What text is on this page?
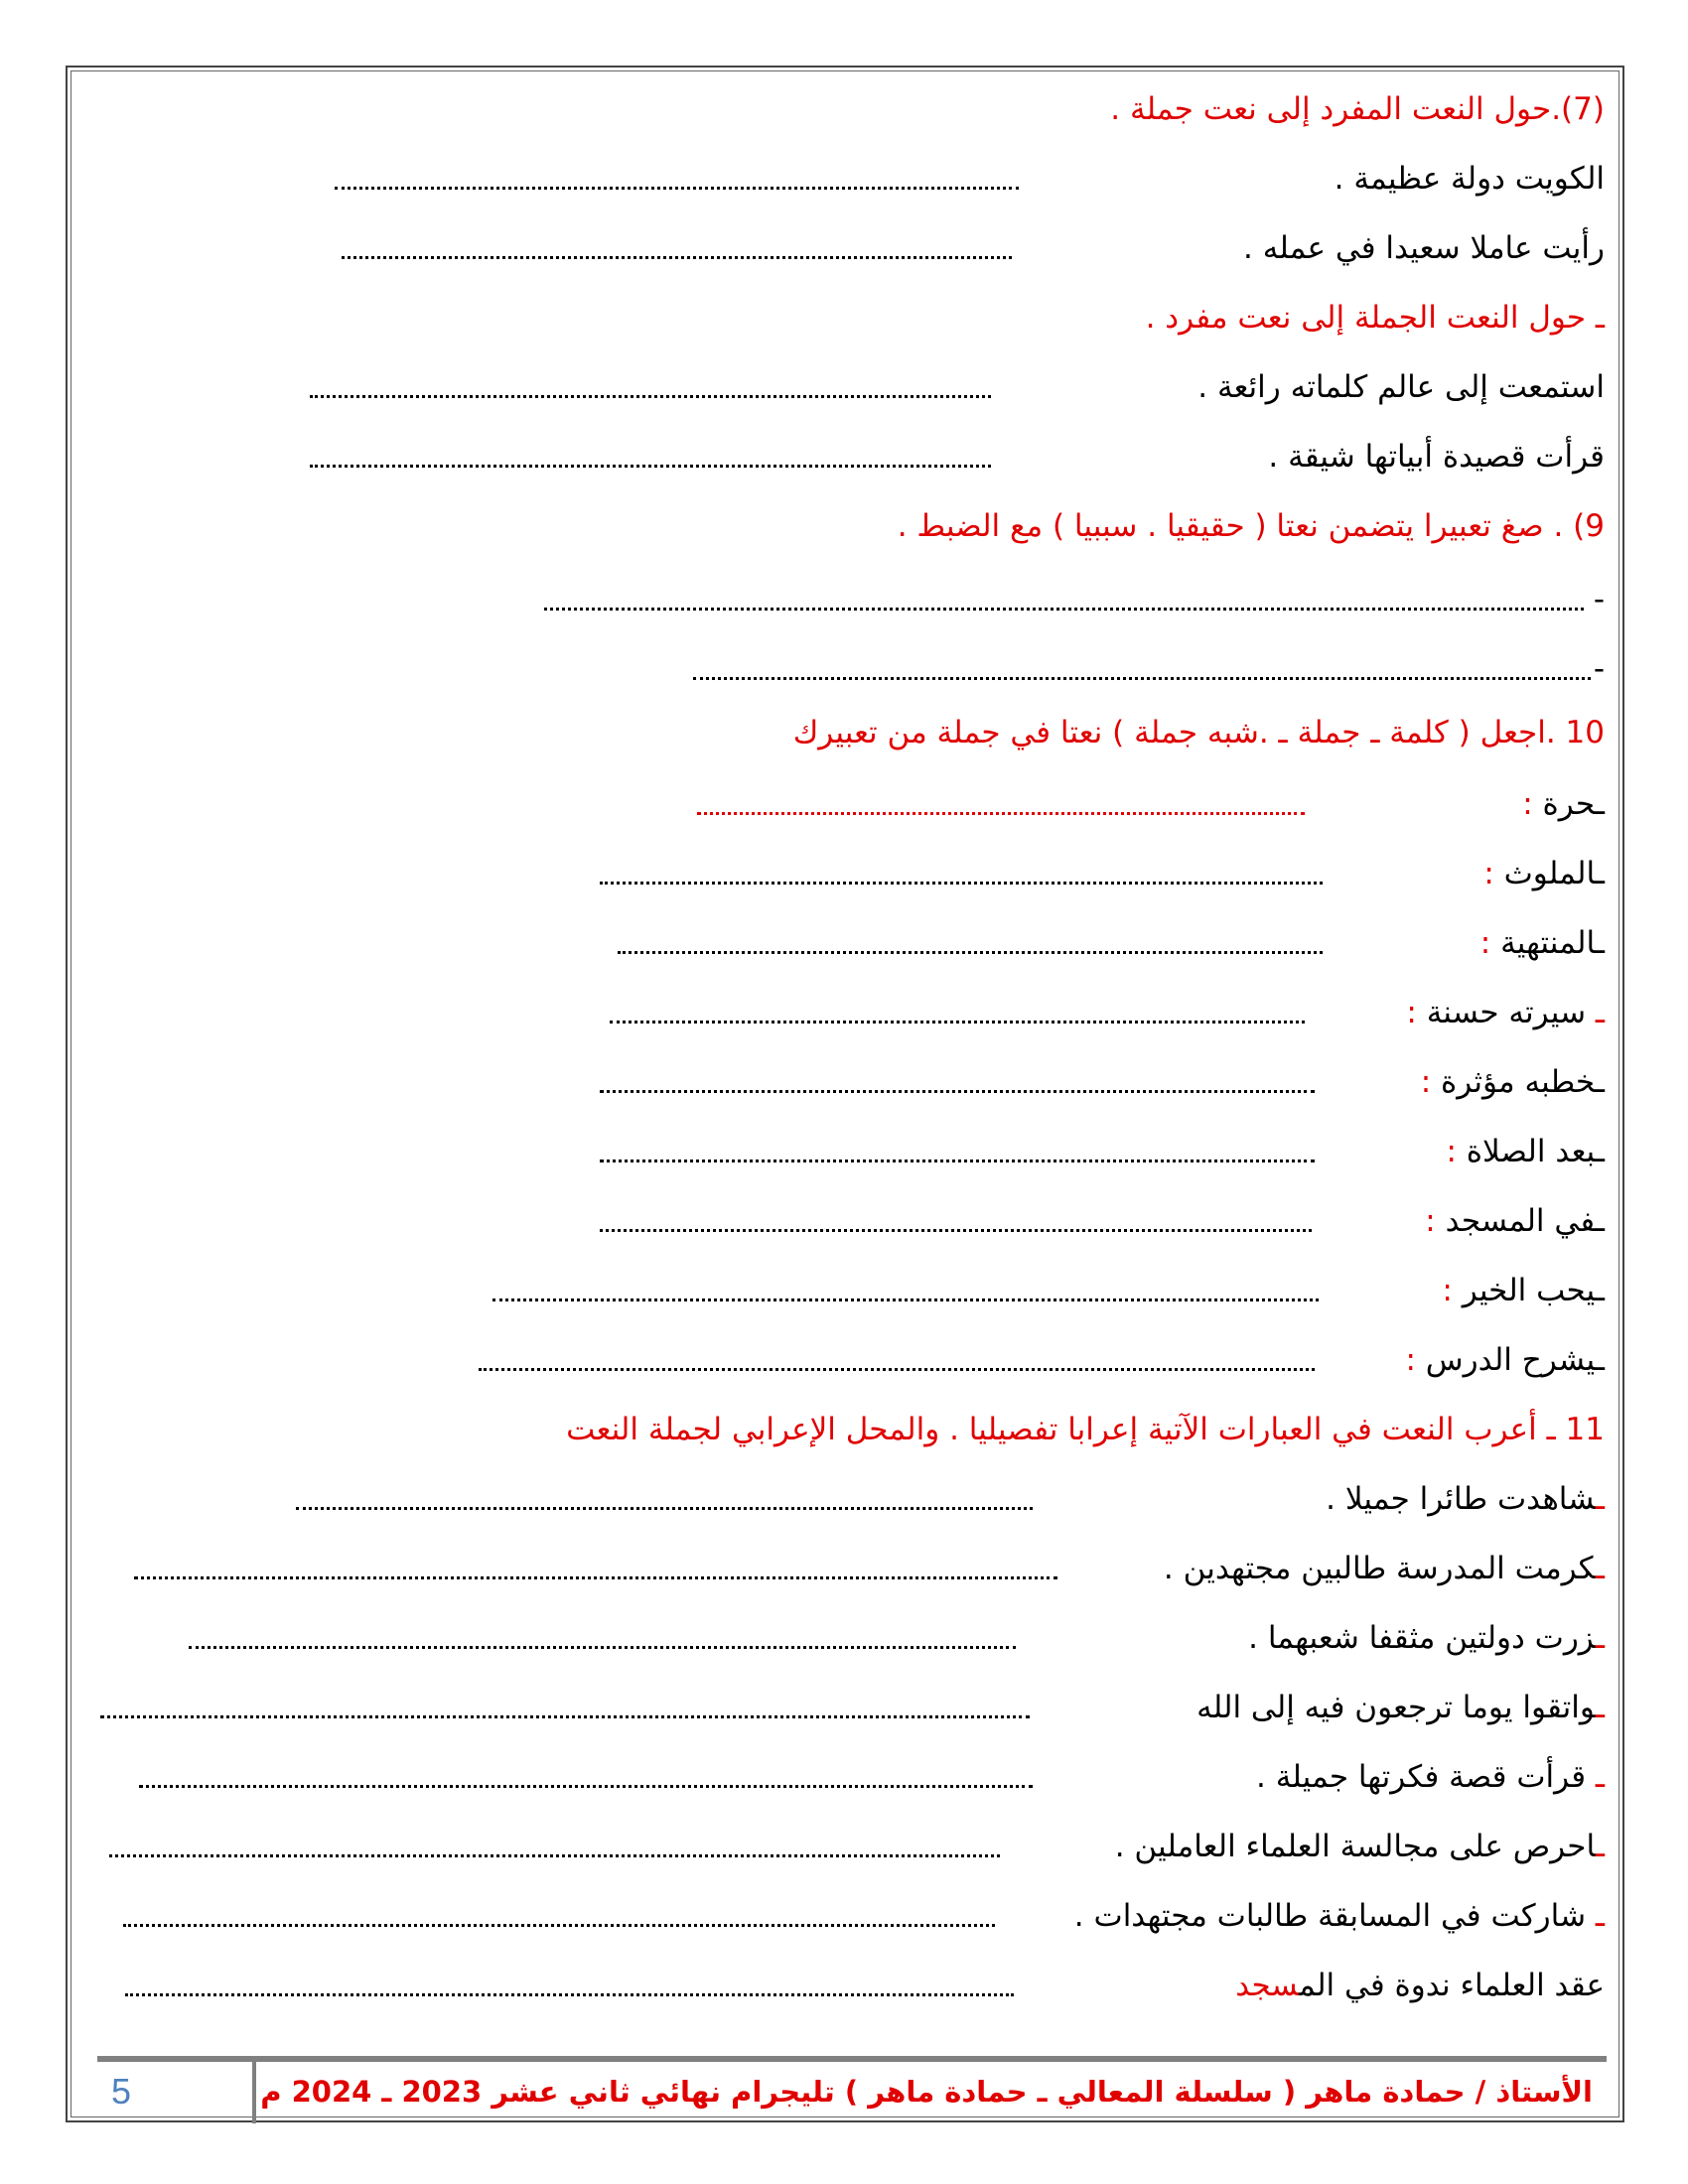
(7).حول النعت المفرد إلى نعت جملة .
الكويت دولة عظيمة .
رأيت عاملا سعيدا في عمله .
ـ حول النعت الجملة إلى نعت مفرد .
استمعت إلى عالم كلماته رائعة .
قرأت قصيدة أبياتها شيقة .
9) . صغ تعبيرا يتضمن نعتا ( حقيقيا . سببيا ) مع الضبط .
-
-
10 .اجعل ( كلمة ـ جملة ـ .شبه جملة ) نعتا في جملة من تعبيرك
ـحرة :
ـالملوث :
ـالمنتهية :
ـ سيرته حسنة :
ـخطبه مؤثرة :
ـبعد الصلاة :
ـفي المسجد :
ـيحب الخير :
ـيشرح الدرس :
11 ـ أعرب النعت في العبارات الآتية إعرابا تفصيليا . والمحل الإعرابي لجملة النعت
ـشاهدت طائرا جميلا .
ـكرمت المدرسة طالبين مجتهدين .
ـزرت دولتين مثقفا شعبهما .
ـواتقوا يوما ترجعون فيه إلى الله
ـ قرأت قصة فكرتها جميلة .
ـاحرص على مجالسة العلماء العاملين .
ـ شاركت في المسابقة طالبات مجتهدات .
عقد العلماء ندوة في المسجد
5	الأستاذ / حمادة ماهر ( سلسلة المعالي ـ حمادة ماهر ) تليجرام نهائي ثاني عشر 2023 ـ 2024 م
